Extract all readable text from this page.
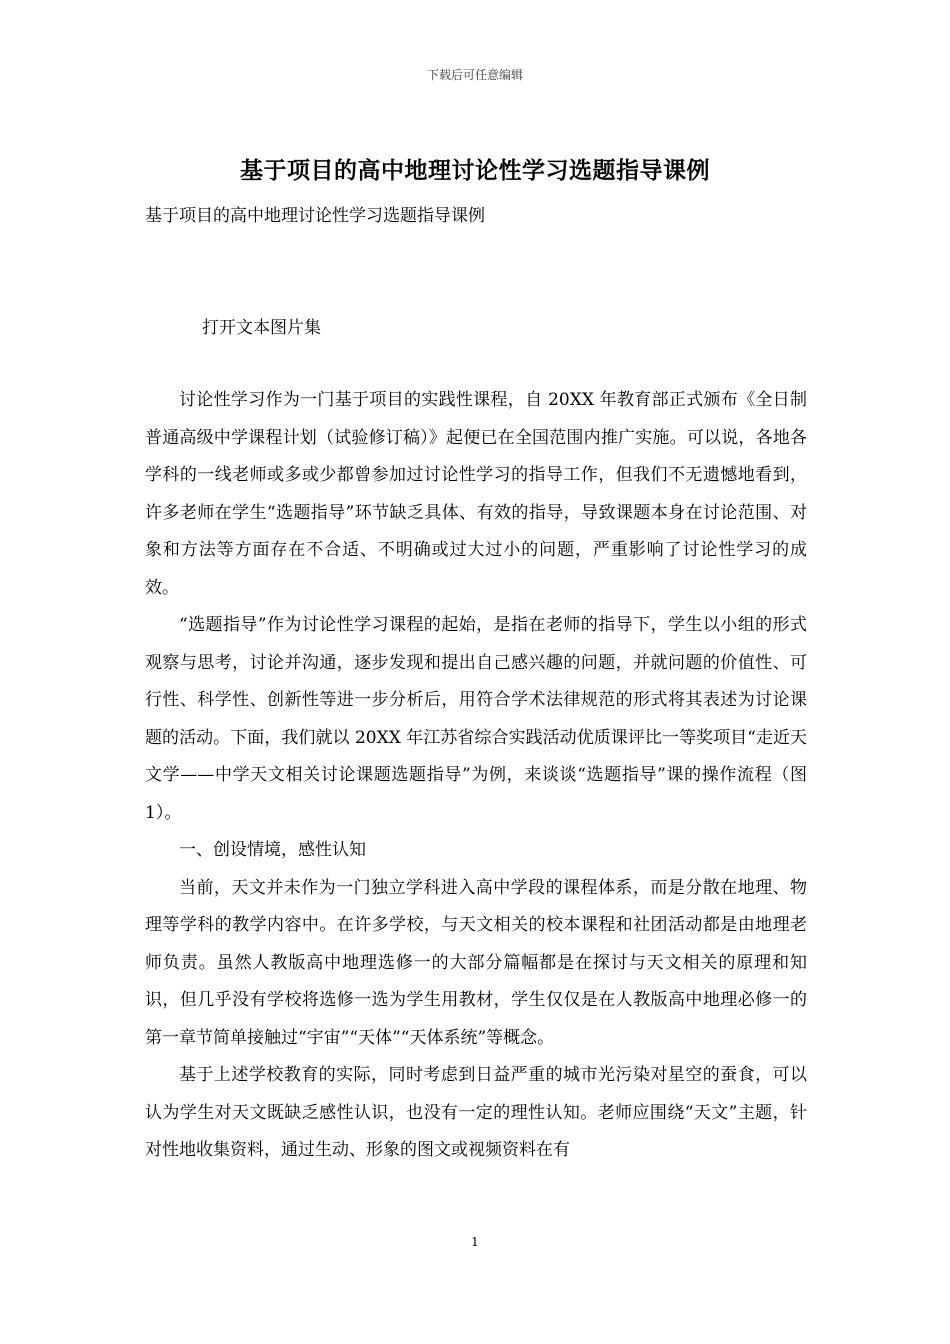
下载后可任意编辑
基于项目的高中地理讨论性学习选题指导课例
基于项目的高中地理讨论性学习选题指导课例
打开文本图片集

讨论性学习作为一门基于项目的实践性课程，自 20XX 年教育部正式颁布《全日制普通高级中学课程计划（试验修订稿）》起便已在全国范围内推广实施。可以说，各地各学科的一线老师或多或少都曾参加过讨论性学习的指导工作，但我们不无遗憾地看到，许多老师在学生“选题指导”环节缺乏具体、有效的指导，导致课题本身在讨论范围、对象和方法等方面存在不合适、不明确或过大过小的问题，严重影响了讨论性学习的成效。

“选题指导”作为讨论性学习课程的起始，是指在老师的指导下，学生以小组的形式观察与思考，讨论并沟通，逐步发现和提出自己感兴趣的问题，并就问题的价值性、可行性、科学性、创新性等进一步分析后，用符合学术法律规范的形式将其表述为讨论课题的活动。下面，我们就以 20XX 年江苏省综合实践活动优质课评比一等奖项目“走近天文学——中学天文相关讨论课题选题指导”为例，来谈谈“选题指导”课的操作流程（图 1）。

一、创设情境，感性认知

当前，天文并未作为一门独立学科进入高中学段的课程体系，而是分散在地理、物理等学科的教学内容中。在许多学校，与天文相关的校本课程和社团活动都是由地理老师负责。虽然人教版高中地理选修一的大部分篇幅都是在探讨与天文相关的原理和知识，但几乎没有学校将选修一选为学生用教材，学生仅仅是在人教版高中地理必修一的第一章节简单接触过“宇宙”“天体”“天体系统”等概念。

基于上述学校教育的实际，同时考虑到日益严重的城市光污染对星空的蚕食，可以认为学生对天文既缺乏感性认识，也没有一定的理性认知。老师应围绕“天文”主题，针对性地收集资料，通过生动、形象的图文或视频资料在有

1
